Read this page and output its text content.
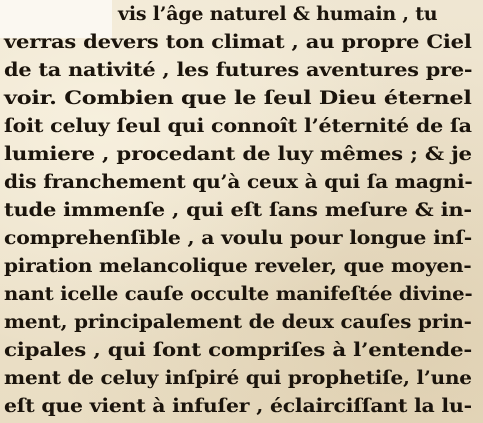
vis l’âge naturel & humain , tu
verras devers ton climat , au propre Ciel
de ta nativité , les futures aventures pre-
voir. Combien que le ſeul Dieu éternel
ſoit celuy ſeul qui connoît l’éternité de ſa
lumiere , procedant de luy mêmes ; & je
dis franchement qu’à ceux à qui ſa magni-
tude immenſe , qui eſt ſans meſure & in-
comprehenſible , a voulu pour longue inſ-
piration melancolique reveler, que moyen-
nant icelle cauſe occulte manifeſtée divine-
ment, principalement de deux cauſes prin-
cipales , qui ſont compriſes à l’entende-
ment de celuy inſpiré qui prophetiſe, l’une
eſt que vient à infuſer , éclairciſſant la lu-
